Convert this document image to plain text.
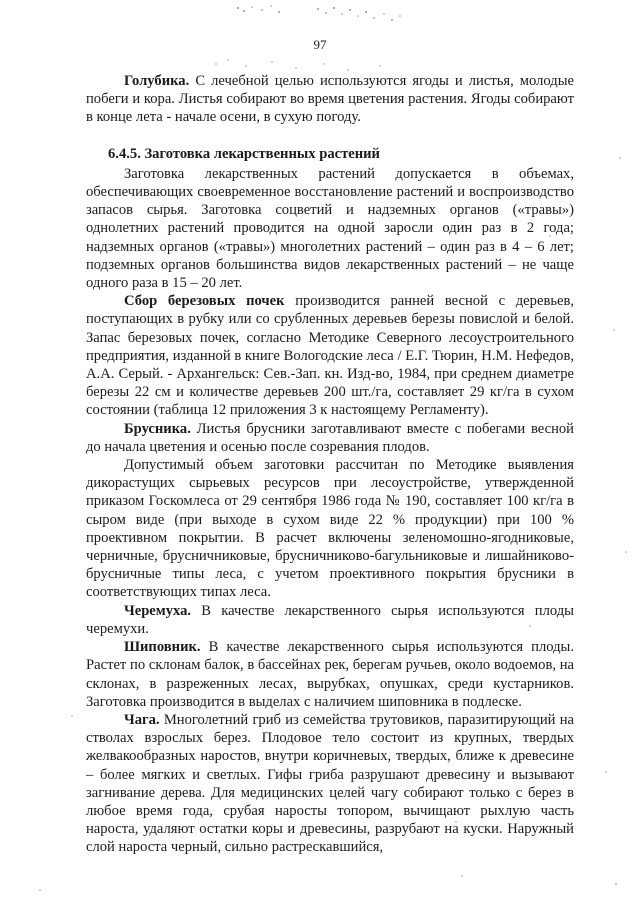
97

Голубика. С лечебной целью используются ягоды и листья, молодые побеги и кора. Листья собирают во время цветения растения. Ягоды собирают в конце лета - начале осени, в сухую погоду.

6.4.5. Заготовка лекарственных растений

Заготовка лекарственных растений допускается в объемах, обеспечивающих своевременное восстановление растений и воспроизводство запасов сырья. Заготовка соцветий и надземных органов («травы») однолетних растений проводится на одной заросли один раз в 2 года; надземных органов («травы») многолетних растений – один раз в 4 – 6 лет; подземных органов большинства видов лекарственных растений – не чаще одного раза в 15 – 20 лет.

Сбор березовых почек производится ранней весной с деревьев, поступающих в рубку или со срубленных деревьев березы повислой и белой. Запас березовых почек, согласно Методике Северного лесоустроительного предприятия, изданной в книге Вологодские леса / Е.Г. Тюрин, Н.М. Нефедов, А.А. Серый. - Архангельск: Сев.-Зап. кн. Изд-во, 1984, при среднем диаметре березы 22 см и количестве деревьев 200 шт./га, составляет 29 кг/га в сухом состоянии (таблица 12 приложения 3 к настоящему Регламенту).

Брусника. Листья брусники заготавливают вместе с побегами весной до начала цветения и осенью после созревания плодов.

Допустимый объем заготовки рассчитан по Методике выявления дикорастущих сырьевых ресурсов при лесоустройстве, утвержденной приказом Госкомлеса от 29 сентября 1986 года № 190, составляет 100 кг/га в сыром виде (при выходе в сухом виде 22 % продукции) при 100 % проективном покрытии. В расчет включены зеленомошно-ягодниковые, черничные, брусничниковые, брусничниково-багульниковые и лишайниково-брусничные типы леса, с учетом проективного покрытия брусники в соответствующих типах леса.

Черемуха. В качестве лекарственного сырья используются плоды черемухи.

Шиповник. В качестве лекарственного сырья используются плоды. Растет по склонам балок, в бассейнах рек, берегам ручьев, около водоемов, на склонах, в разреженных лесах, вырубках, опушках, среди кустарников. Заготовка производится в выделах с наличием шиповника в подлеске.

Чага. Многолетний гриб из семейства трутовиков, паразитирующий на стволах взрослых берез. Плодовое тело состоит из крупных, твердых желвакообразных наростов, внутри коричневых, твердых, ближе к древесине – более мягких и светлых. Гифы гриба разрушают древесину и вызывают загнивание дерева. Для медицинских целей чагу собирают только с берез в любое время года, срубая наросты топором, вычищают рыхлую часть нароста, удаляют остатки коры и древесины, разрубают на куски. Наружный слой нароста черный, сильно растрескавшийся,
